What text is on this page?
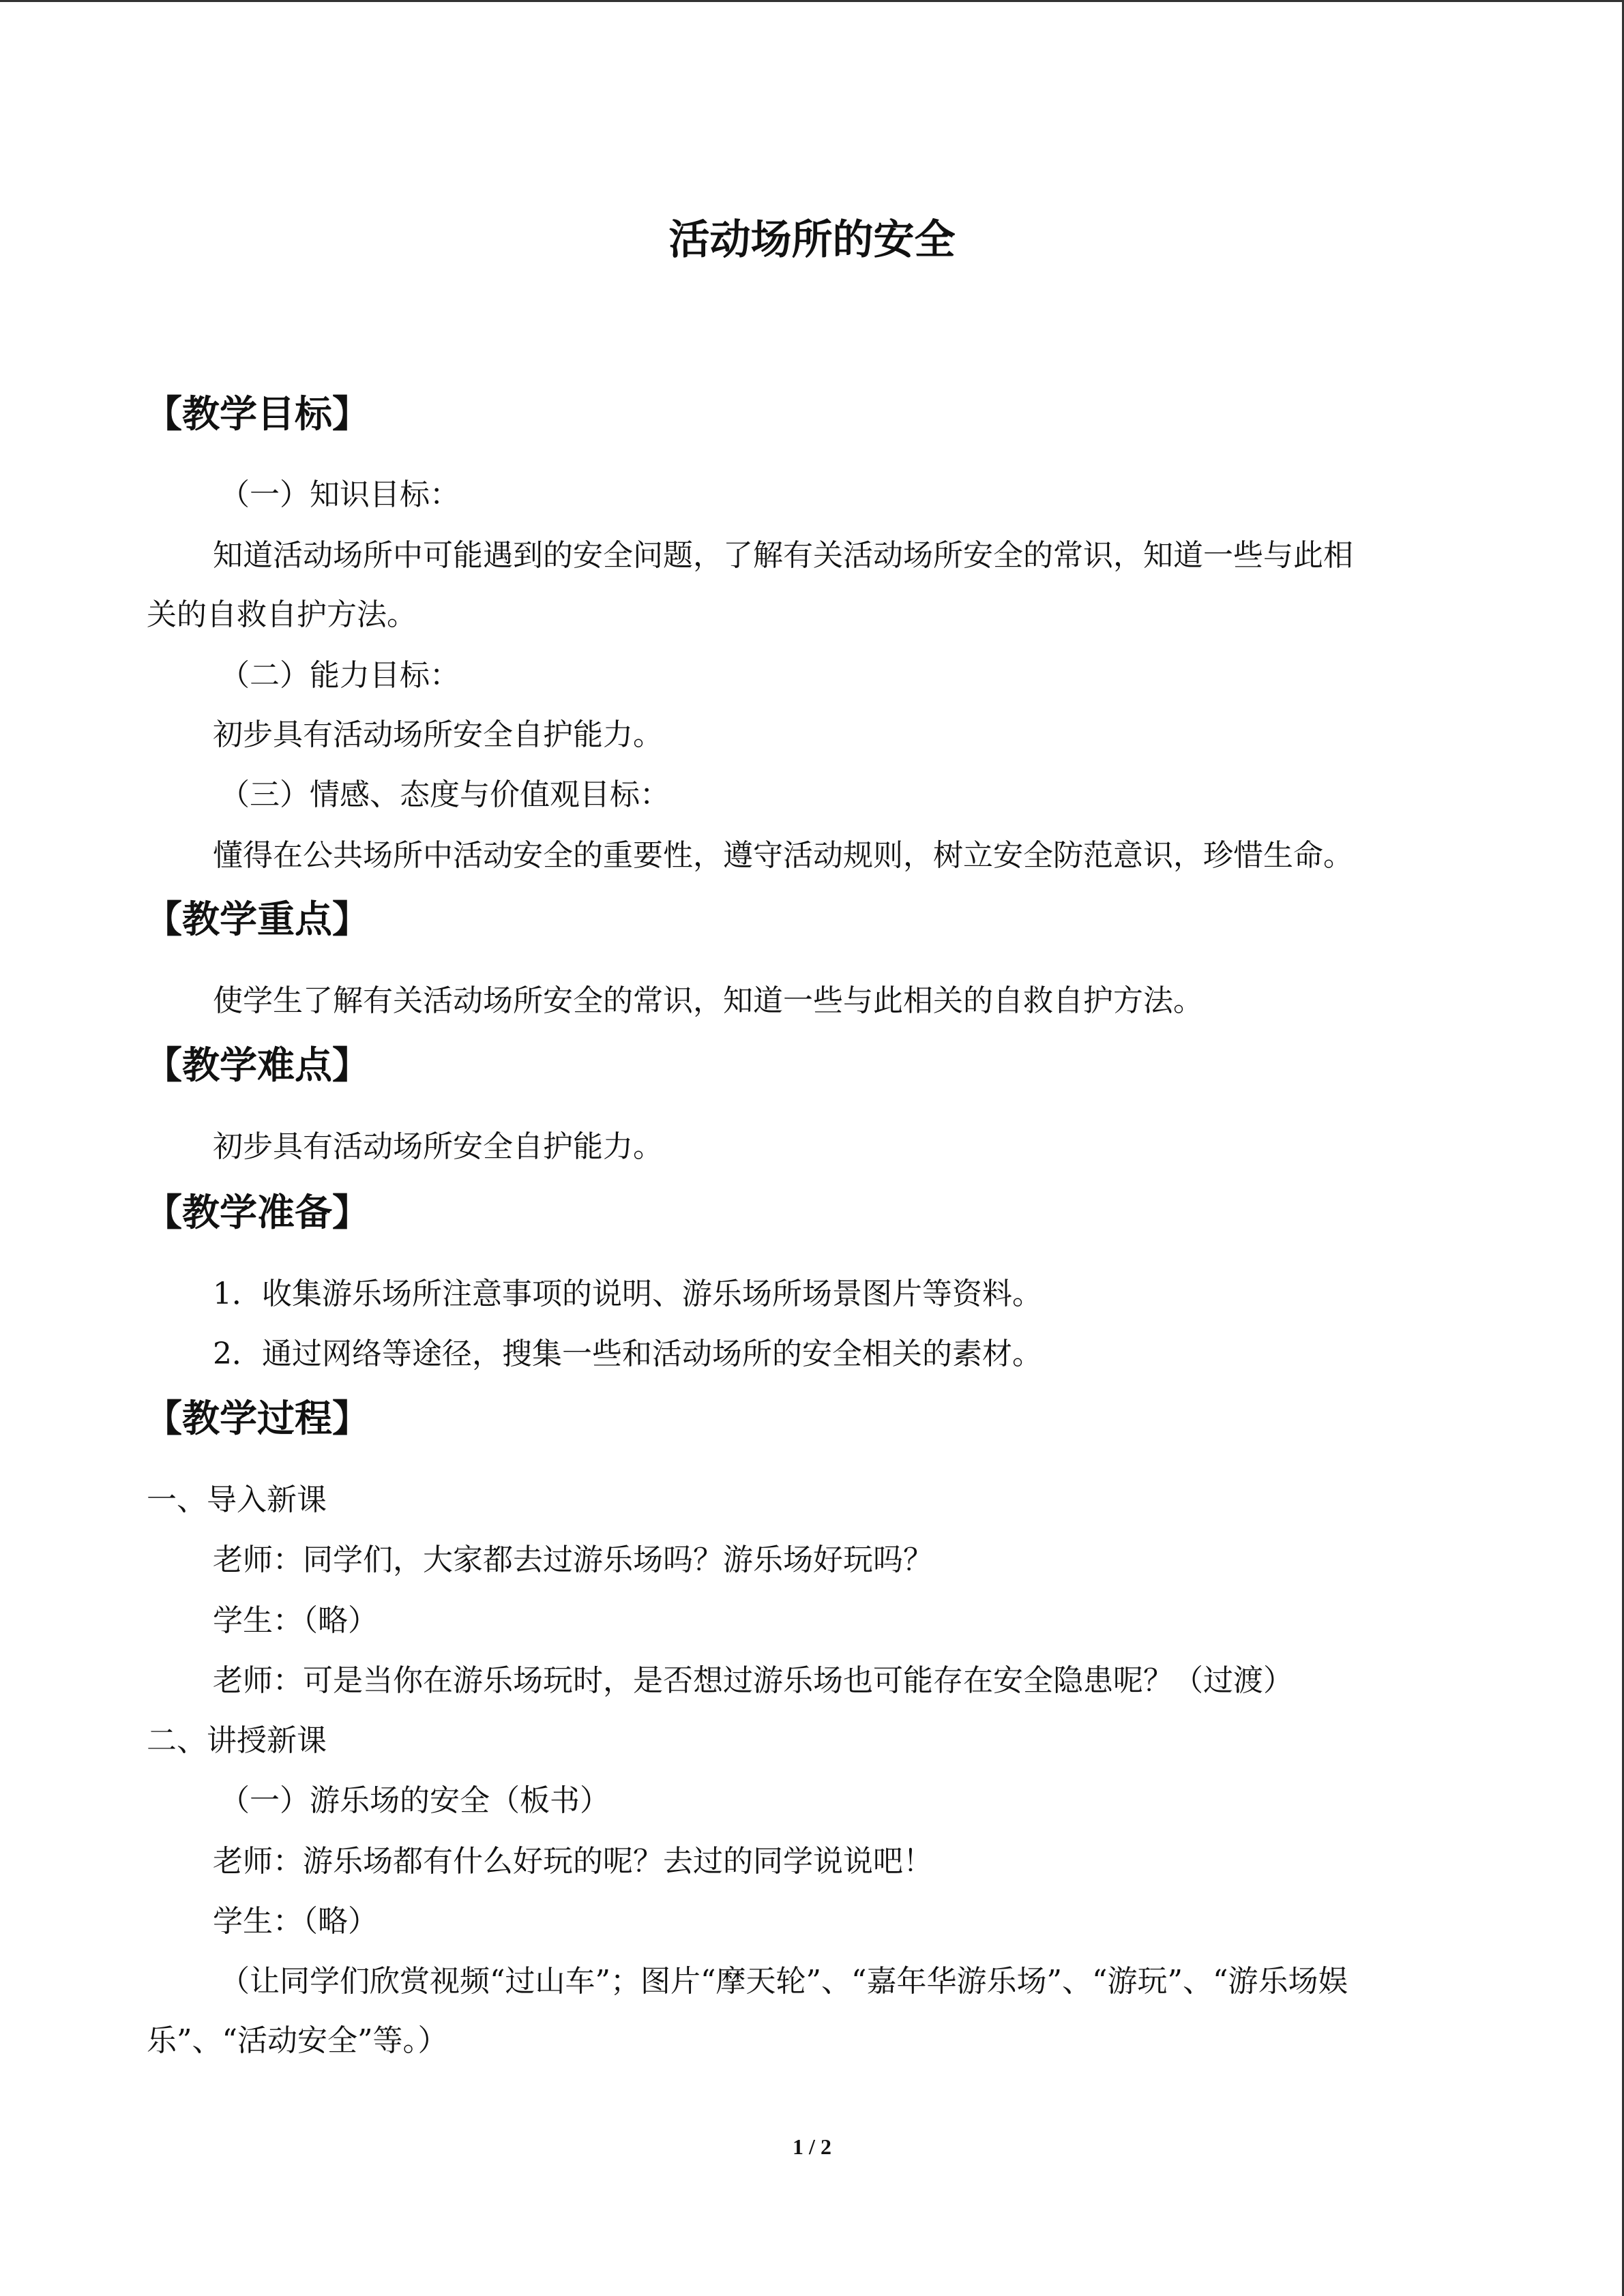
活动场所的安全
【教学目标】
（一）知识目标：
知道活动场所中可能遇到的安全问题，了解有关活动场所安全的常识，知道一些与此相
关的自救自护方法。
（二）能力目标：
初步具有活动场所安全自护能力。
（三）情感、态度与价值观目标：
懂得在公共场所中活动安全的重要性，遵守活动规则，树立安全防范意识，珍惜生命。
【教学重点】
使学生了解有关活动场所安全的常识，知道一些与此相关的自救自护方法。
【教学难点】
初步具有活动场所安全自护能力。
【教学准备】
1．收集游乐场所注意事项的说明、游乐场所场景图片等资料。
2．通过网络等途径，搜集一些和活动场所的安全相关的素材。
【教学过程】
一、导入新课
老师：同学们，大家都去过游乐场吗？游乐场好玩吗？
学生：（略）
老师：可是当你在游乐场玩时，是否想过游乐场也可能存在安全隐患呢？（过渡）
二、讲授新课
（一）游乐场的安全（板书）
老师：游乐场都有什么好玩的呢？去过的同学说说吧！
学生：（略）
（让同学们欣赏视频“过山车”；图片“摩天轮”、“嘉年华游乐场”、“游玩”、“游乐场娱
乐”、“活动安全”等。）
1 / 2
